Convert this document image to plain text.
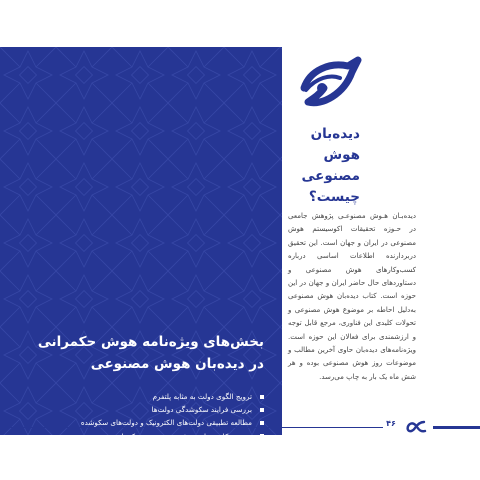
بخش‌های ویژه‌نامه هوش حکمرانی
در دیده‌بان هوش مصنوعی
ترویج الگوی دولت به مثابه پلتفرم
بررسی فرایند سکوشدگی دولت‌ها
مطالعه تطبیقی دولت‌های الکترونیک و دولت‌های سکوشده
بررسی کاربردهای هوش مصنوعی در حکمرانی
هوش حکمرانی در خدمات دولتی
دیده‌بان
هوش مصنوعی
چیست؟

دیده‌بـان هـوش مصنوعـی پژوهش جامعی در حـوزه تحقیقات اکوسیستم هوش مصنوعی در ایران و جهان است. این تحقیق دربردارنده اطلاعات اساسی درباره کسب‌وکارهای هوش مصنوعی و دستاوردهای حال حاضر ایران و جهان در این حوزه است. کتاب دیده‌بان هوش مصنوعی به‌دلیل احاطه بر موضوع هوش مصنوعی و تحولات کلیدی این فناوری، مرجع قابل توجه و ارزشمندی برای فعالان این حوزه است. ویژه‌نامه‌های دیده‌بان حاوی آخرین مطالب و موضوعات روز هوش مصنوعی بوده و هر شش ماه یک بار به چاپ می‌رسد.

۴۶
